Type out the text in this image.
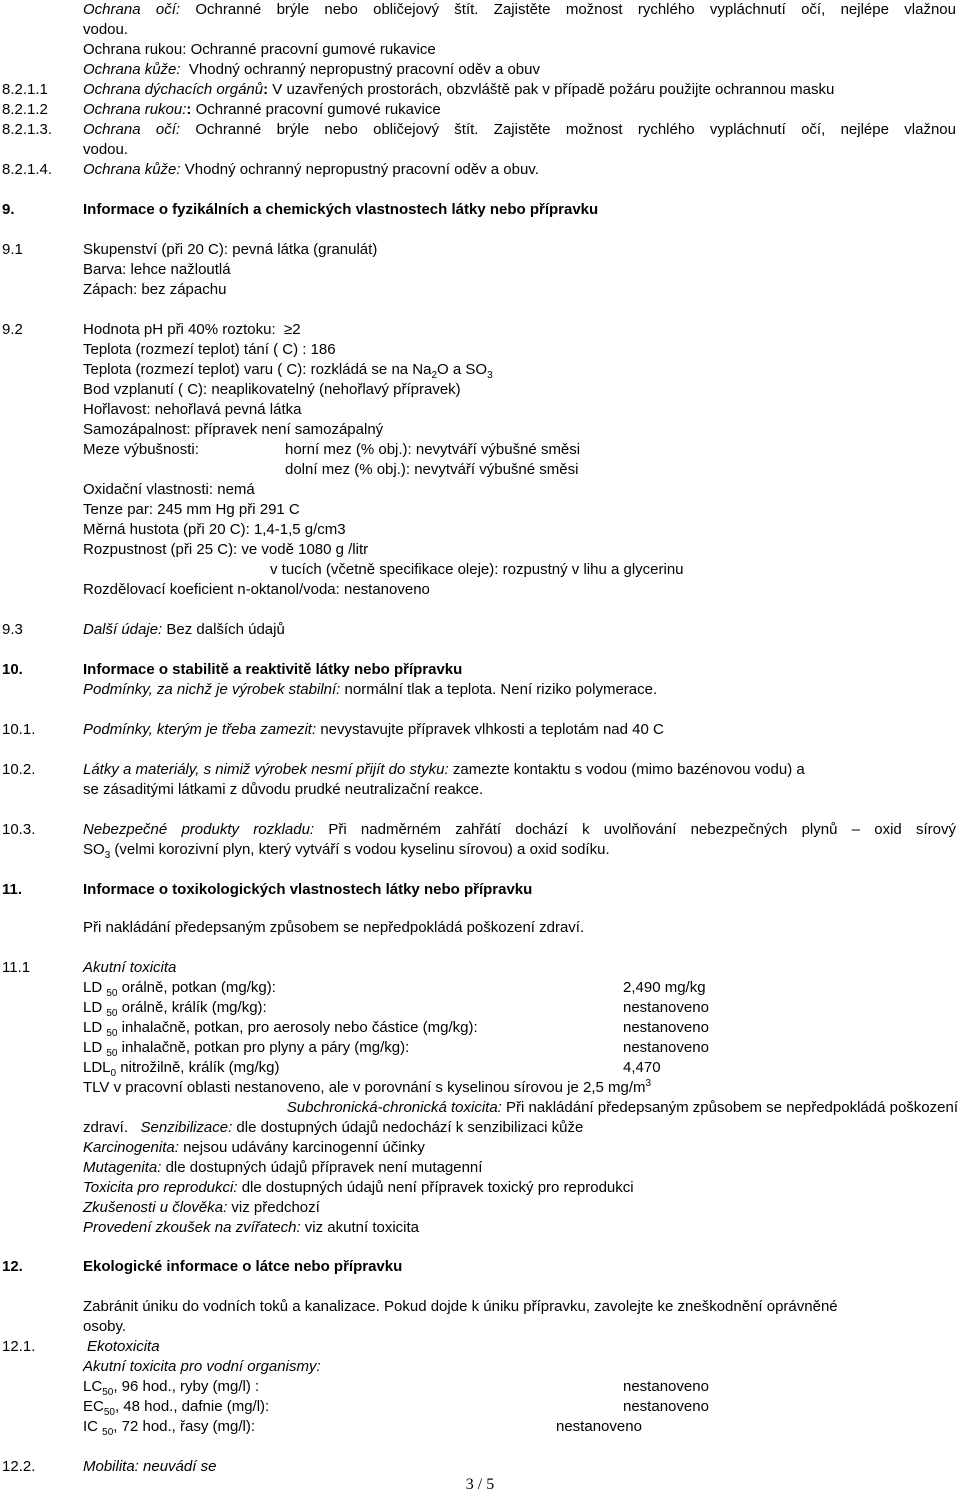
Ochrana očí: Ochranné brýle nebo obličejový štít. Zajistěte možnost rychlého vypláchnutí očí, nejlépe vlažnou
vodou.
Ochrana rukou: Ochranné pracovní gumové rukavice
Ochrana kůže: Vhodný ochranný nepropustný pracovní oděv a obuv
8.2.1.1 Ochrana dýchacích orgánů: V uzavřených prostorách, obzvláště pak v případě požáru použijte ochrannou masku
8.2.1.2 Ochrana rukou:: Ochranné pracovní gumové rukavice
8.2.1.3. Ochrana očí: Ochranné brýle nebo obličejový štít. Zajistěte možnost rychlého vypláchnutí očí, nejlépe vlažnou
vodou.
8.2.1.4. Ochrana kůže: Vhodný ochranný nepropustný pracovní oděv a obuv.
9.	Informace o fyzikálních a chemických vlastnostech látky nebo přípravku
9.1	Skupenství (při 20 C): pevná látka (granulát)
Barva: lehce nažloutlá
Zápach: bez zápachu
9.2	Hodnota pH při 40% roztoku: ≥2
Teplota (rozmezí teplot) tání ( C) : 186
Teplota (rozmezí teplot) varu ( C): rozkládá se na $Na_2O$ a $SO_3$
Bod vzplanutí ( C): neaplikovatelný (nehořlavý přípravek)
Hořlavost: nehořlavá pevná látka
Samozápalnost: přípravek není samozápalný
Meze výbušnosti:	horní mez (% obj.): nevytváří výbušné směsi
dolní mez (% obj.): nevytváří výbušné směsi
Oxidační vlastnosti: nemá
Tenze par: 245 mm Hg při 291 C
Měrná hustota (při 20 C): 1,4-1,5 g/cm3
Rozpustnost (při 25 C): ve vodě 1080 g /litr
v tucích (včetně specifikace oleje): rozpustný v lihu a glycerinu
Rozdělovací koeficient n-oktanol/voda: nestanoveno
9.3	Další údaje: Bez dalších údajů
10.	Informace o stabilitě a reaktivitě látky nebo přípravku
Podmínky, za nichž je výrobek stabilní: normální tlak a teplota. Není riziko polymerace.
10.1.	Podmínky, kterým je třeba zamezit: nevystavujte přípravek vlhkosti a teplotám nad 40 C
10.2.	Látky a materiály, s nimiž výrobek nesmí přijít do styku: zamezte kontaktu s vodou (mimo bazénovou vodu) a
se zásaditými látkami z důvodu prudké neutralizační reakce.
10.3.	Nebezpečné produkty rozkladu: Při nadměrném zahřátí dochází k uvolňování nebezpečných plynů – oxid sírový
$SO_3$ (velmi korozivní plyn, který vytváří s vodou kyselinu sírovou) a oxid sodíku.
11.	Informace o toxikologických vlastnostech látky nebo přípravku
Při nakládání předepsaným způsobem se nepředpokládá poškození zdraví.
11.1	Akutní toxicita
LD $_{50}$ orálně, potkan (mg/kg):	2,490 mg/kg
LD $_{50}$ orálně, králík (mg/kg):	nestanoveno
LD $_{50}$ inhalačně, potkan, pro aerosoly nebo částice (mg/kg):	nestanoveno
LD $_{50}$ inhalačně, potkan pro plyny a páry (mg/kg):	nestanoveno
$LDL_0$ nitrožilně, králík (mg/kg)	4,470
TLV v pracovní oblasti nestanoveno, ale v porovnání s kyselinou sírovou je 2,5 $mg/m^3$
Subchronická-chronická toxicita: Při nakládání předepsaným způsobem se nepředpokládá poškození
zdraví. Senzibilizace: dle dostupných údajů nedochází k senzibilizaci kůže
Karcinogenita: nejsou udávány karcinogenní účinky
Mutagenita: dle dostupných údajů přípravek není mutagenní
Toxicita pro reprodukci: dle dostupných údajů není přípravek toxický pro reprodukci
Zkušenosti u člověka: viz předchozí
Provedení zkoušek na zvířatech: viz akutní toxicita
12.	Ekologické informace o látce nebo přípravku
Zabránit úniku do vodních toků a kanalizace. Pokud dojde k úniku přípravku, zavolejte ke zneškodnění oprávněné
osoby.
12.1.	Ekotoxicita
Akutní toxicita pro vodní organismy:
$LC_{50}$, 96 hod., ryby (mg/l) :	nestanoveno
$EC_{50}$, 48 hod., dafnie (mg/l):	nestanoveno
IC $_{50}$, 72 hod., řasy (mg/l):	nestanoveno
12.2.	Mobilita: neuvádí se
3 / 5
